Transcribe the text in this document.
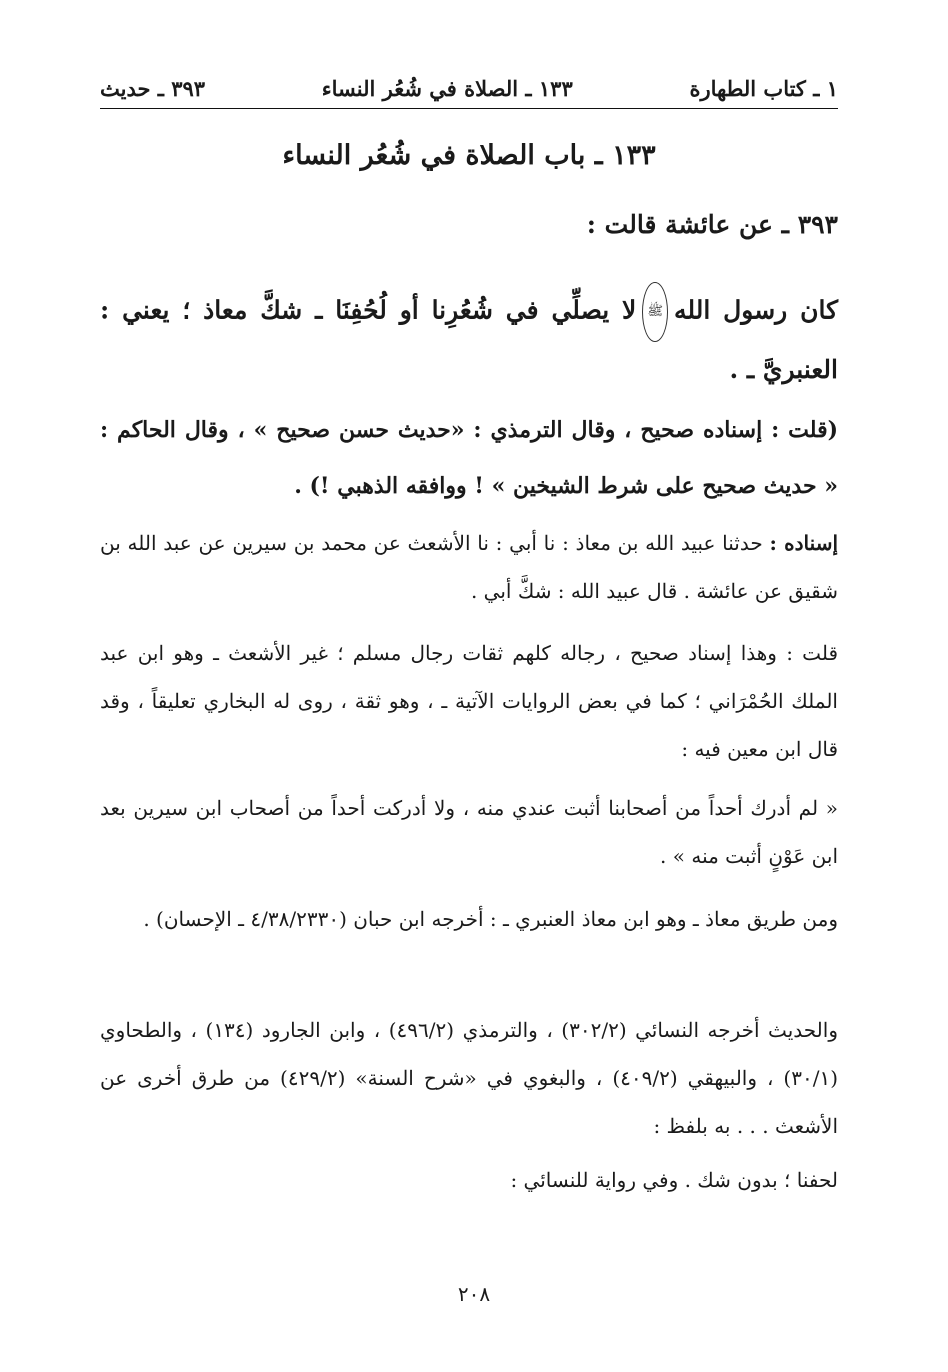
١ ـ كتاب الطهارة
١٣٣ ـ الصلاة في شُعُر النساء
٣٩٣ ـ حديث
١٣٣ ـ باب الصلاة في شُعُر النساء
٣٩٣ ـ عن عائشة قالت :
كان رسول اللهﷺلا يصلِّي في شُعُرِنا أو لُحُفِنَا ـ شكَّ معاذ ؛ يعني : العنبريَّ ـ .
(قلت : إسناده صحيح ، وقال الترمذي : «حديث حسن صحيح » ، وقال الحاكم : « حديث صحيح على شرط الشيخين » ! ووافقه الذهبي !) .
إسناده : حدثنا عبيد الله بن معاذ : نا أبي : نا الأشعث عن محمد بن سيرين عن عبد الله بن شقيق عن عائشة . قال عبيد الله : شكَّ أبي .
قلت : وهذا إسناد صحيح ، رجاله كلهم ثقات رجال مسلم ؛ غير الأشعث ـ وهو ابن عبد الملك الحُمْرَاني ؛ كما في بعض الروايات الآتية ـ ، وهو ثقة ، روى له البخاري تعليقاً ، وقد قال ابن معين فيه :
« لم أدرك أحداً من أصحابنا أثبت عندي منه ، ولا أدركت أحداً من أصحاب ابن سيرين بعد ابن عَوْنٍ أثبت منه » .
ومن طريق معاذ ـ وهو ابن معاذ العنبري ـ : أخرجه ابن حبان (٤/٣٨/٢٣٣٠ ـ الإحسان) .
والحديث أخرجه النسائي (٣٠٢/٢) ، والترمذي (٤٩٦/٢) ، وابن الجارود (١٣٤) ، والطحاوي (٣٠/١) ، والبيهقي (٤٠٩/٢) ، والبغوي في «شرح السنة» (٤٢٩/٢) من طرق أخرى عن الأشعث . . . به بلفظ :
لحفنا ؛ بدون شك . وفي رواية للنسائي :
٢٠٨
